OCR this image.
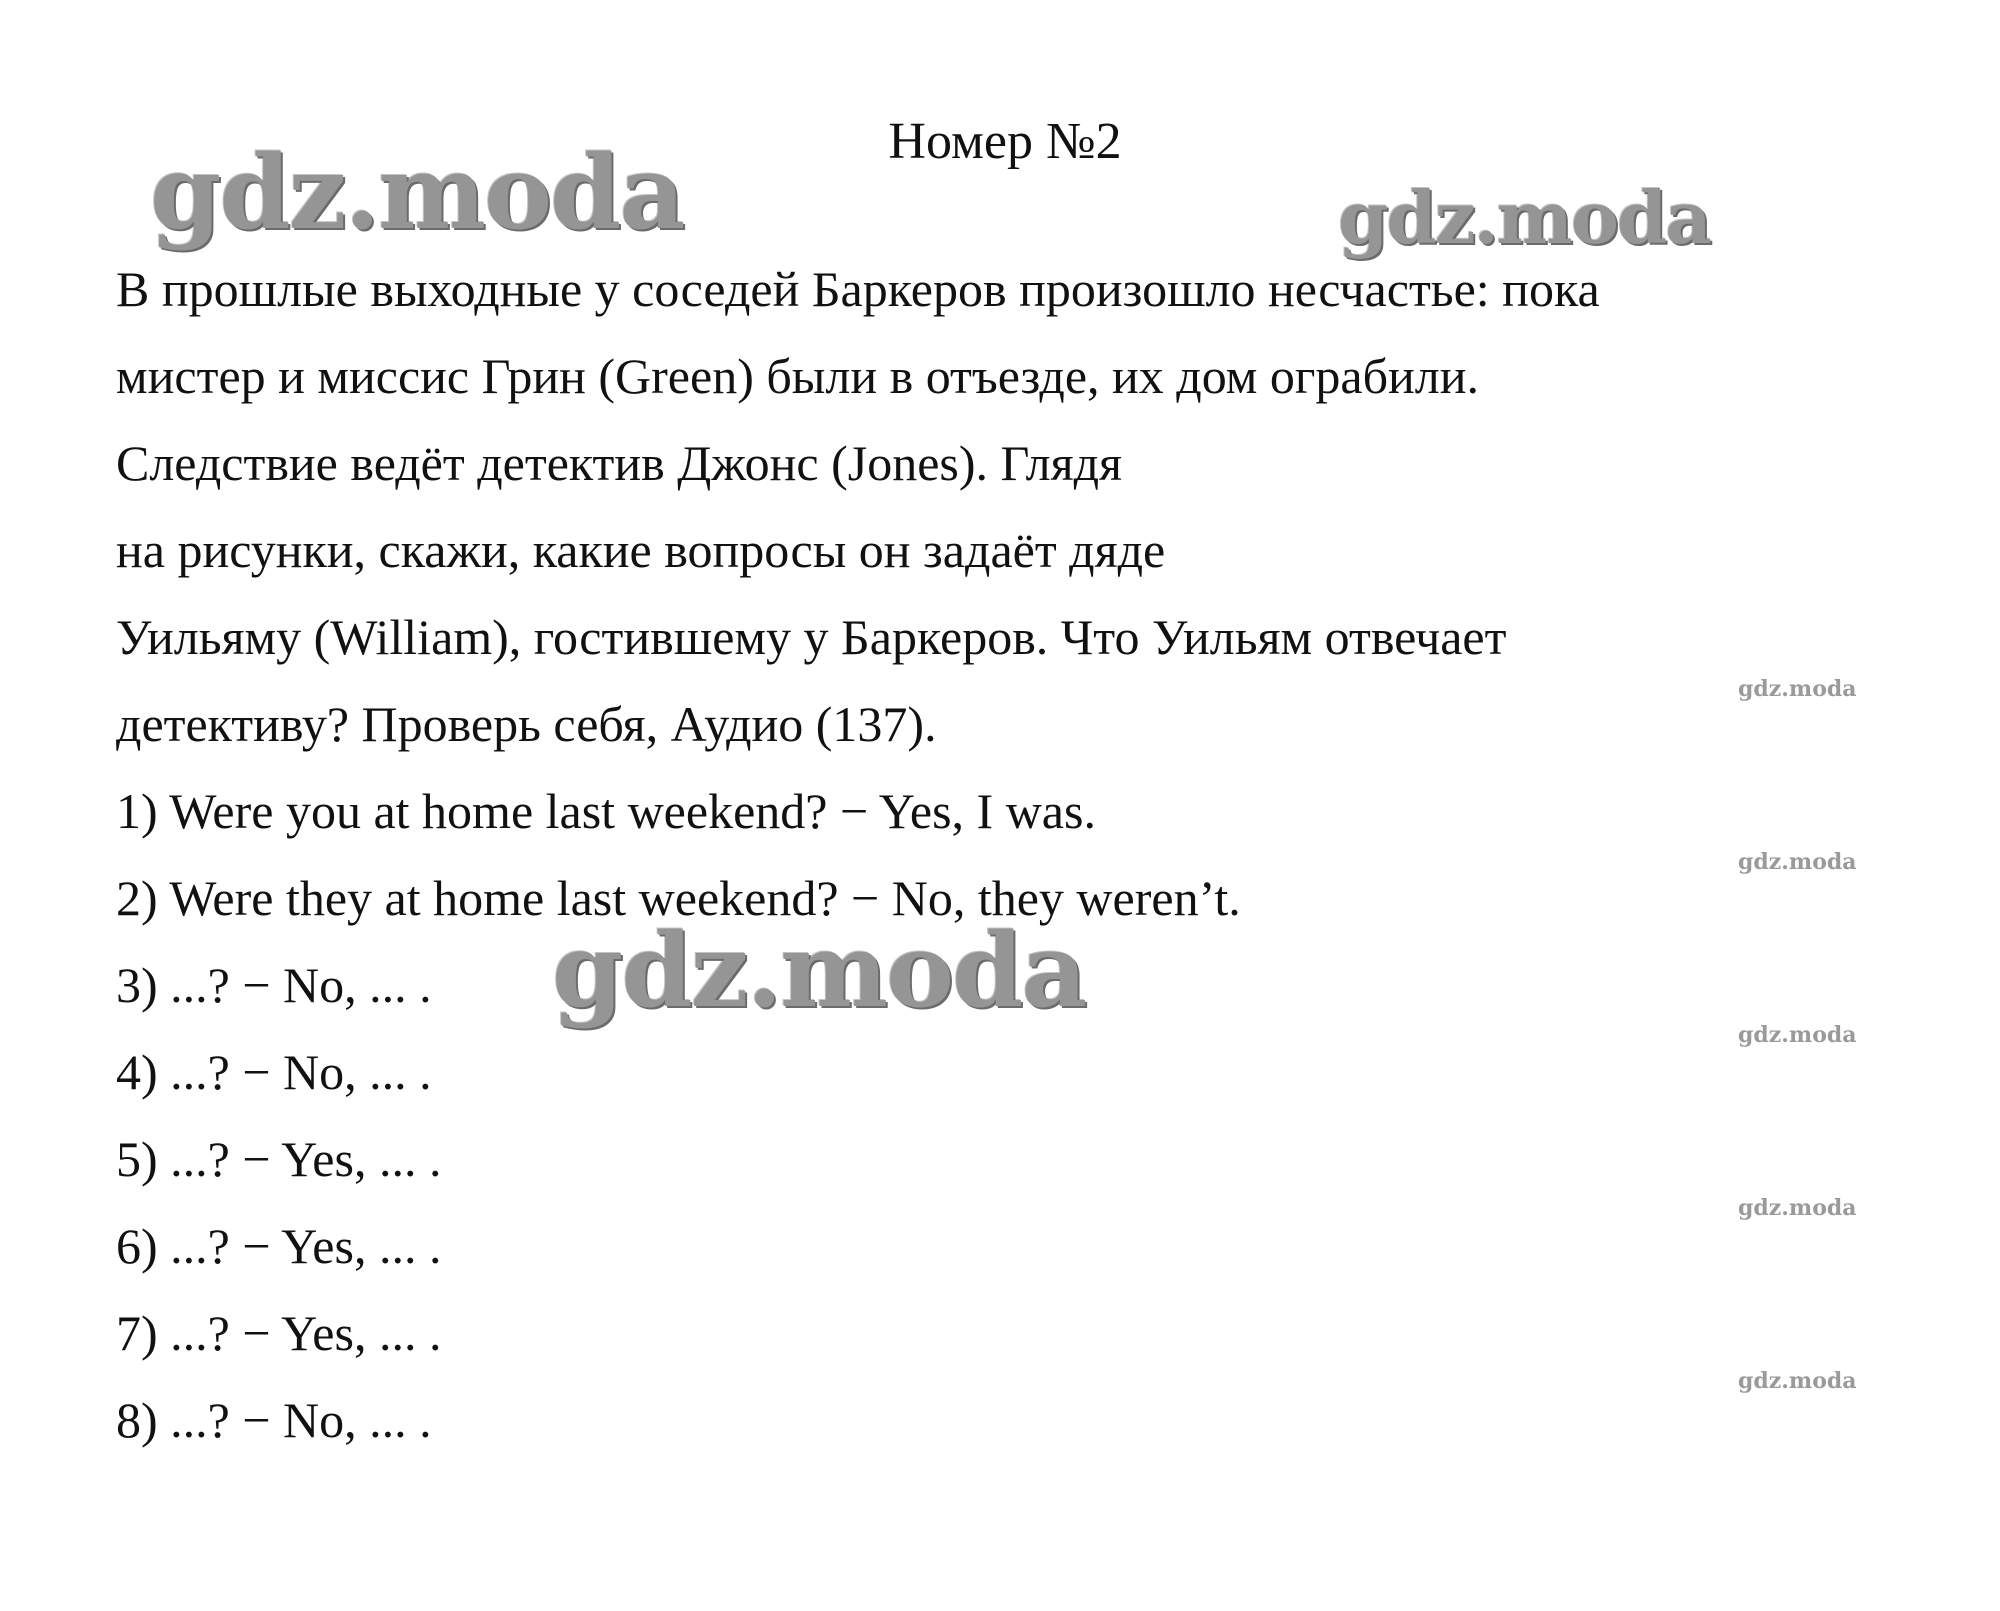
Номер №2
В прошлые выходные у соседей Баркеров произошло несчастье: пока
мистер и миссис Грин (Green) были в отъезде, их дом ограбили.
Следствие ведёт детектив Джонс (Jones). Глядя
на рисунки, скажи, какие вопросы он задаёт дяде
Уильяму (William), гостившему у Баркеров. Что Уильям отвечает
детективу? Проверь себя, Аудио (137).
1) Were you at home last weekend? − Yes, I was.
2) Were they at home last weekend? − No, they weren’t.
3) ...? − No, ... .
4) ...? − No, ... .
5) ...? − Yes, ... .
6) ...? − Yes, ... .
7) ...? − Yes, ... .
8) ...? − No, ... .
gdz.moda	gdz.moda
gdz.moda
gdz.moda
gdz.moda
gdz.moda
gdz.moda
gdz.moda
